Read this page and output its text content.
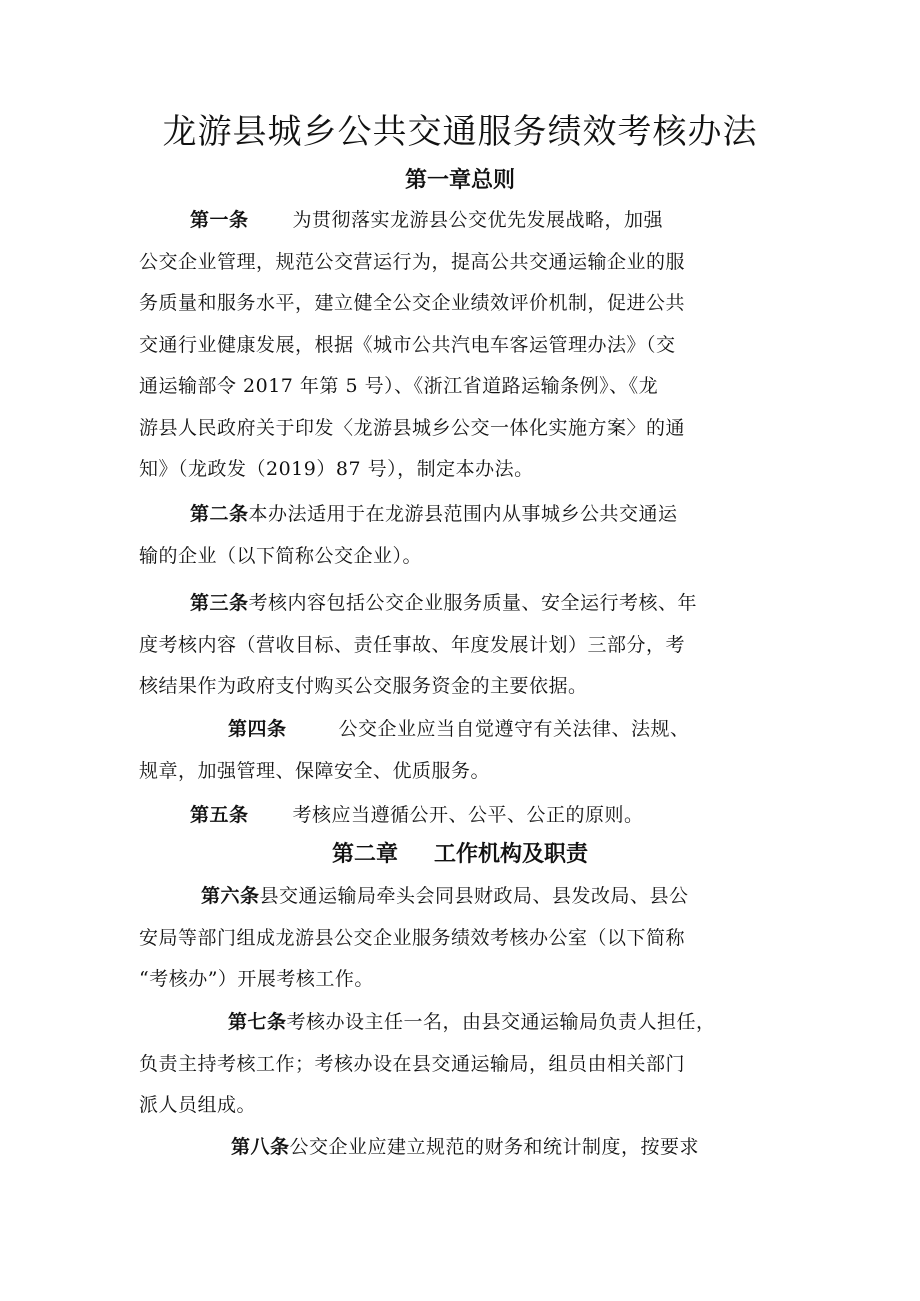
龙游县城乡公共交通服务绩效考核办法
第一章总则
第一条 为贯彻落实龙游县公交优先发展战略，加强
公交企业管理，规范公交营运行为，提高公共交通运输企业的服
务质量和服务水平，建立健全公交企业绩效评价机制，促进公共
交通行业健康发展，根据《城市公共汽电车客运管理办法》（交
通运输部令 2017 年第 5 号）、《浙江省道路运输条例》、《龙
游县人民政府关于印发〈龙游县城乡公交一体化实施方案〉的通
知》（龙政发（2019）87 号），制定本办法。
第二条本办法适用于在龙游县范围内从事城乡公共交通运
输的企业（以下简称公交企业）。
第三条考核内容包括公交企业服务质量、安全运行考核、年
度考核内容（营收目标、责任事故、年度发展计划）三部分，考
核结果作为政府支付购买公交服务资金的主要依据。
第四条	公交企业应当自觉遵守有关法律、法规、
规章，加强管理、保障安全、优质服务。
第五条 考核应当遵循公开、公平、公正的原则。
第二章 工作机构及职责
第六条县交通运输局牵头会同县财政局、县发改局、县公
安局等部门组成龙游县公交企业服务绩效考核办公室（以下简称
“考核办”）开展考核工作。
第七条考核办设主任一名，由县交通运输局负责人担任，
负责主持考核工作；考核办设在县交通运输局，组员由相关部门
派人员组成。
第八条公交企业应建立规范的财务和统计制度，按要求
